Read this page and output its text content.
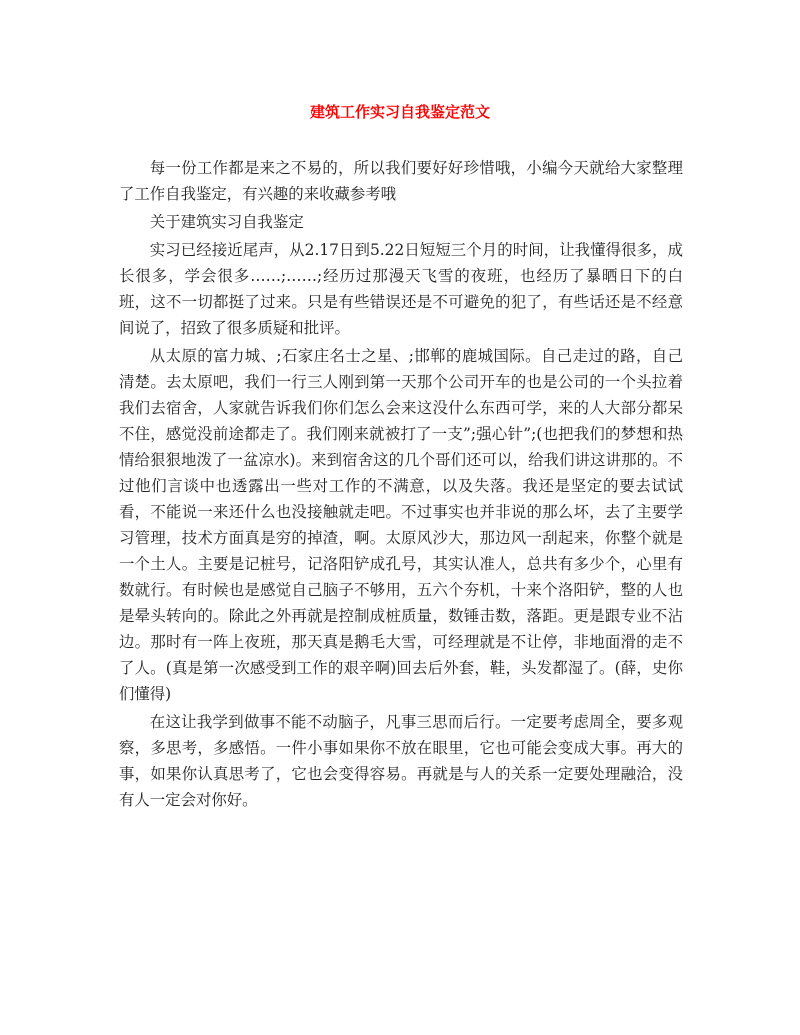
建筑工作实习自我鉴定范文

每一份工作都是来之不易的，所以我们要好好珍惜哦，小编今天就给大家整理了工作自我鉴定，有兴趣的来收藏参考哦

关于建筑实习自我鉴定

实习已经接近尾声，从2.17日到5.22日短短三个月的时间，让我懂得很多，成长很多，学会很多……;……;经历过那漫天飞雪的夜班，也经历了暴晒日下的白班，这不一切都挺了过来。只是有些错误还是不可避免的犯了，有些话还是不经意间说了，招致了很多质疑和批评。

从太原的富力城、;石家庄名士之星、;邯郸的鹿城国际。自己走过的路，自己清楚。去太原吧，我们一行三人刚到第一天那个公司开车的也是公司的一个头拉着我们去宿舍，人家就告诉我们你们怎么会来这没什么东西可学，来的人大部分都呆不住，感觉没前途都走了。我们刚来就被打了一支”;强心针”;(也把我们的梦想和热情给狠狠地泼了一盆凉水)。来到宿舍这的几个哥们还可以，给我们讲这讲那的。不过他们言谈中也透露出一些对工作的不满意，以及失落。我还是坚定的要去试试看，不能说一来还什么也没接触就走吧。不过事实也并非说的那么坏，去了主要学习管理，技术方面真是穷的掉渣，啊。太原风沙大，那边风一刮起来，你整个就是一个土人。主要是记桩号，记洛阳铲成孔号，其实认准人，总共有多少个，心里有数就行。有时候也是感觉自己脑子不够用，五六个夯机，十来个洛阳铲，整的人也是晕头转向的。除此之外再就是控制成桩质量，数锤击数，落距。更是跟专业不沾边。那时有一阵上夜班，那天真是鹅毛大雪，可经理就是不让停，非地面滑的走不了人。(真是第一次感受到工作的艰辛啊)回去后外套，鞋，头发都湿了。(薛，史你们懂得)

在这让我学到做事不能不动脑子，凡事三思而后行。一定要考虑周全，要多观察，多思考，多感悟。一件小事如果你不放在眼里，它也可能会变成大事。再大的事，如果你认真思考了，它也会变得容易。再就是与人的关系一定要处理融洽，没有人一定会对你好。
